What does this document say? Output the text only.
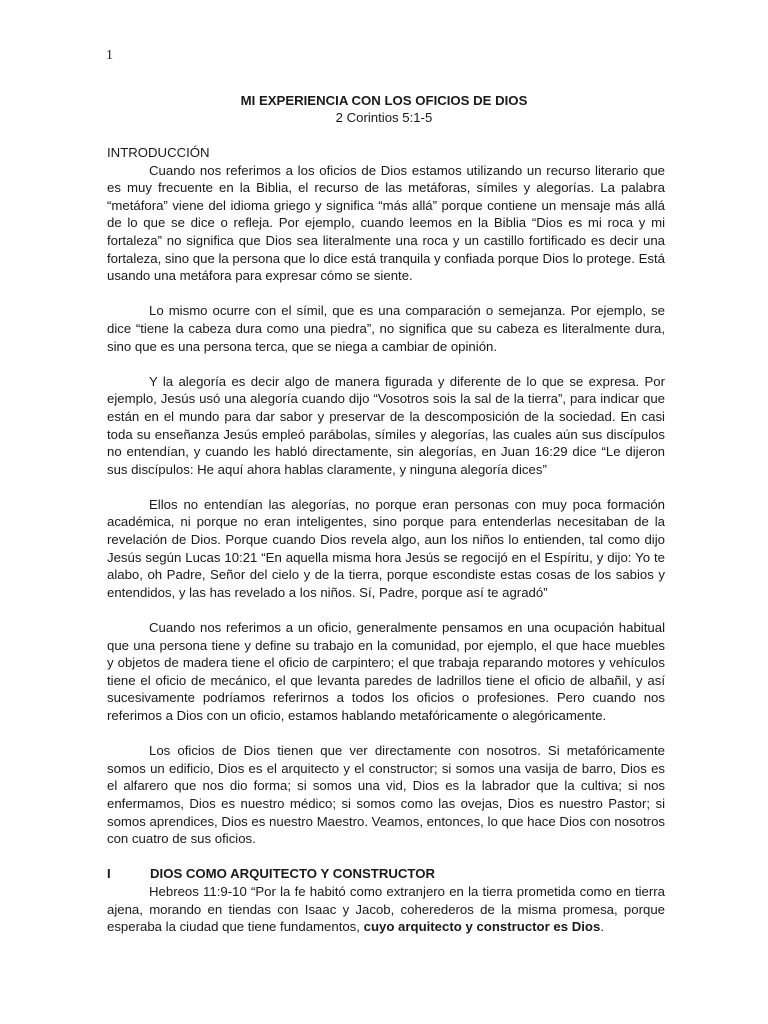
1
MI EXPERIENCIA CON LOS OFICIOS DE DIOS
2 Corintios 5:1-5

INTRODUCCIÓN

Cuando nos referimos a los oficios de Dios estamos utilizando un recurso literario que es muy frecuente en la Biblia, el recurso de las metáforas, símiles y alegorías. La palabra “metáfora” viene del idioma griego y significa “más allá” porque contiene un mensaje más allá de lo que se dice o refleja. Por ejemplo, cuando leemos en la Biblia “Dios es mi roca y mi fortaleza” no significa que Dios sea literalmente una roca y un castillo fortificado es decir una fortaleza, sino que la persona que lo dice está tranquila y confiada porque Dios lo protege. Está usando una metáfora para expresar cómo se siente.

Lo mismo ocurre con el símil, que es una comparación o semejanza. Por ejemplo, se dice “tiene la cabeza dura como una piedra”, no significa que su cabeza es literalmente dura, sino que es una persona terca, que se niega a cambiar de opinión.

Y la alegoría es decir algo de manera figurada y diferente de lo que se expresa. Por ejemplo, Jesús usó una alegoría cuando dijo “Vosotros sois la sal de la tierra”, para indicar que están en el mundo para dar sabor y preservar de la descomposición de la sociedad. En casi toda su enseñanza Jesús empleó parábolas, símiles y alegorías, las cuales aún sus discípulos no entendían, y cuando les habló directamente, sin alegorías, en Juan 16:29 dice “Le dijeron sus discípulos: He aquí ahora hablas claramente, y ninguna alegoría dices”

Ellos no entendían las alegorías, no porque eran personas con muy poca formación académica, ni porque no eran inteligentes, sino porque para entenderlas necesitaban de la revelación de Dios. Porque cuando Dios revela algo, aun los niños lo entienden, tal como dijo Jesús según Lucas 10:21 “En aquella misma hora Jesús se regocijó en el Espíritu, y dijo: Yo te alabo, oh Padre, Señor del cielo y de la tierra, porque escondiste estas cosas de los sabios y entendidos, y las has revelado a los niños. Sí, Padre, porque así te agradó”

Cuando nos referimos a un oficio, generalmente pensamos en una ocupación habitual que una persona tiene y define su trabajo en la comunidad, por ejemplo, el que hace muebles y objetos de madera tiene el oficio de carpintero; el que trabaja reparando motores y vehículos tiene el oficio de mecánico, el que levanta paredes de ladrillos tiene el oficio de albañil, y así sucesivamente podríamos referirnos a todos los oficios o profesiones. Pero cuando nos referimos a Dios con un oficio, estamos hablando metafóricamente o alegóricamente.

Los oficios de Dios tienen que ver directamente con nosotros. Si metafóricamente somos un edificio, Dios es el arquitecto y el constructor; si somos una vasija de barro, Dios es el alfarero que nos dio forma; si somos una vid, Dios es la labrador que la cultiva; si nos enfermamos, Dios es nuestro médico; si somos como las ovejas, Dios es nuestro Pastor; si somos aprendices, Dios es nuestro Maestro. Veamos, entonces, lo que hace Dios con nosotros con cuatro de sus oficios.

I	DIOS COMO ARQUITECTO Y CONSTRUCTOR

Hebreos 11:9-10 “Por la fe habitó como extranjero en la tierra prometida como en tierra ajena, morando en tiendas con Isaac y Jacob, coherederos de la misma promesa, porque esperaba la ciudad que tiene fundamentos, cuyo arquitecto y constructor es Dios.
